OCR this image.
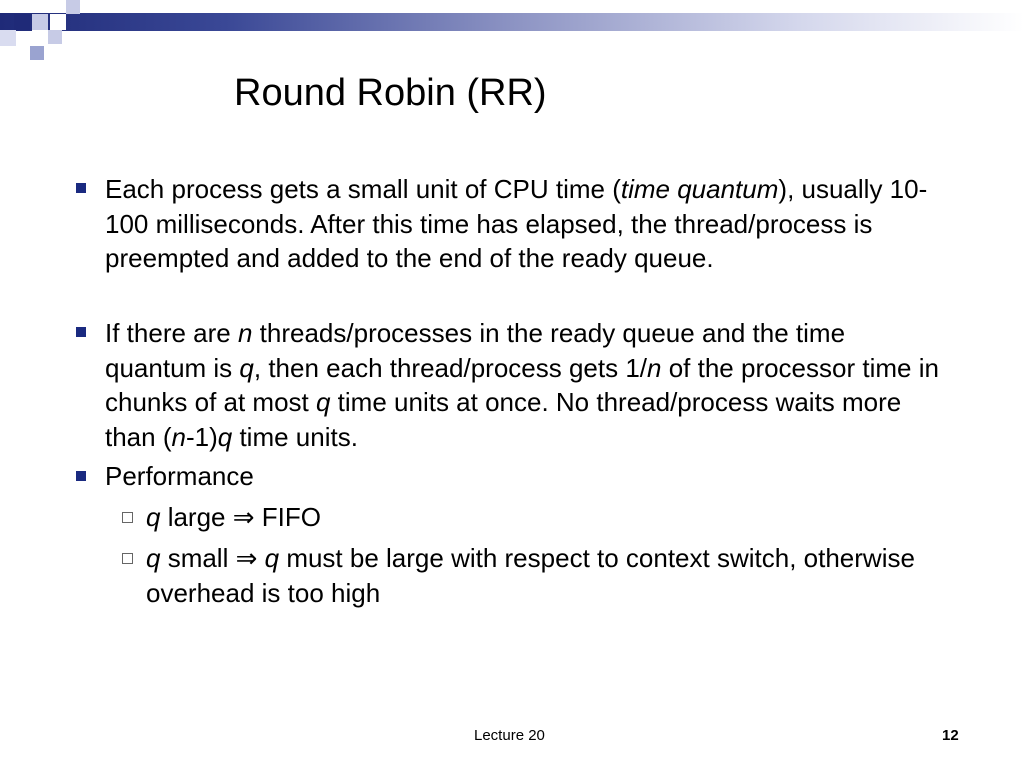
Round Robin (RR)
Each process gets a small unit of CPU time (time quantum), usually 10-100 milliseconds. After this time has elapsed, the thread/process is preempted and added to the end of the ready queue.
If there are n threads/processes in the ready queue and the time quantum is q, then each thread/process gets 1/n of the processor time in chunks of at most q time units at once. No thread/process waits more than (n-1)q time units.
Performance
q large ⇒ FIFO
q small ⇒ q must be large with respect to context switch, otherwise overhead is too high
Lecture 20	12
